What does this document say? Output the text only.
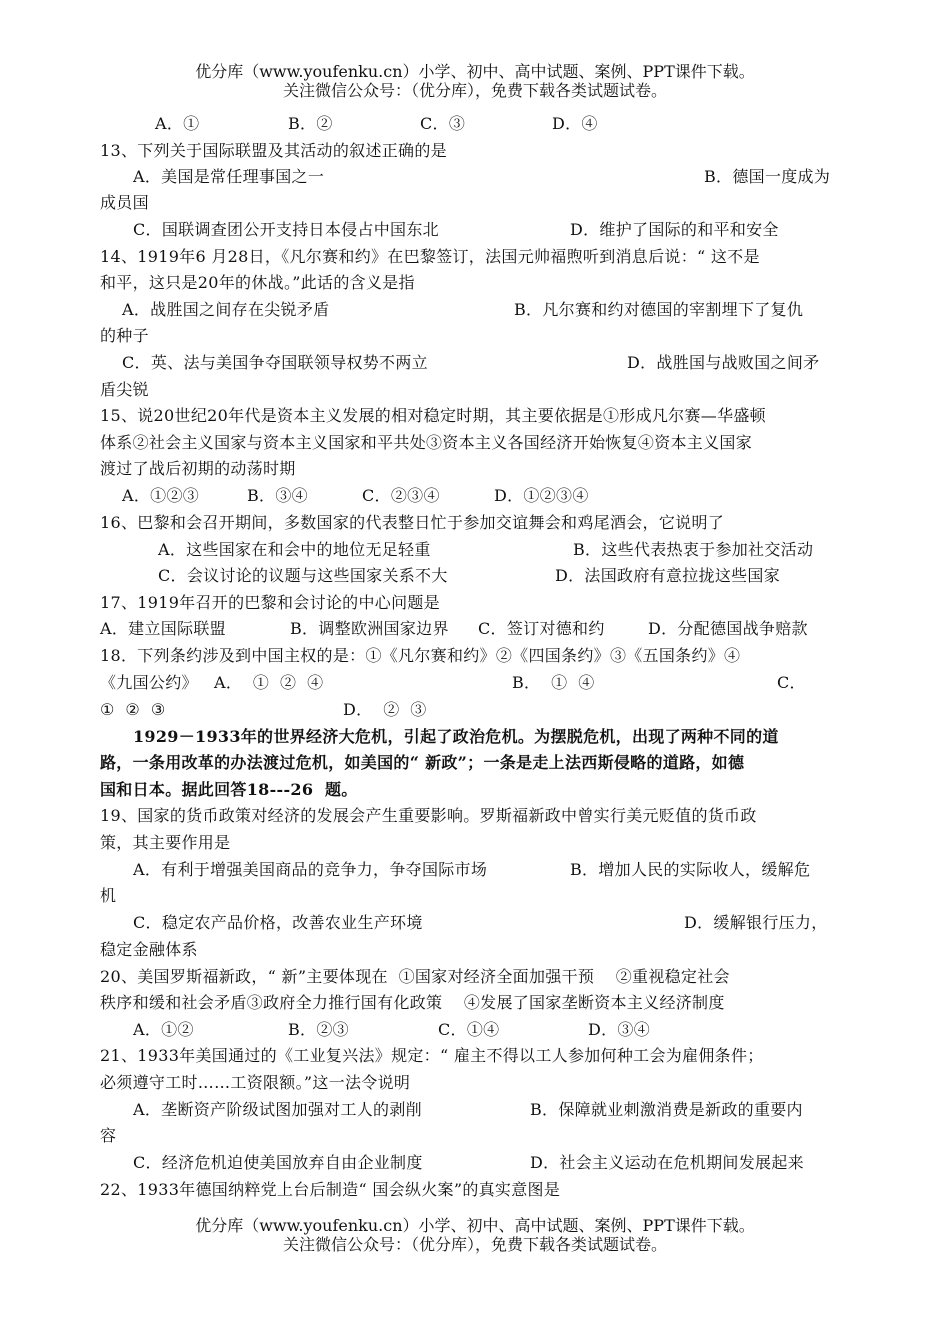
优分库（www.youfenku.cn）小学、初中、高中试题、案例、PPT课件下载。
关注微信公众号：（优分库），免费下载各类试题试卷。
A．①	B．②	C．③	D．④
13、下列关于国际联盟及其活动的叙述正确的是
A．美国是常任理事国之一	B．德国一度成为
成员国
C．国联调查团公开支持日本侵占中国东北	D．维护了国际的和平和安全
14、1919年6 月28日，《凡尔赛和约》在巴黎签订，法国元帅福煦听到消息后说：“ 这不是
和平，这只是20年的休战。”此话的含义是指
A．战胜国之间存在尖锐矛盾	B．凡尔赛和约对德国的宰割埋下了复仇
的种子
C．英、法与美国争夺国联领导权势不两立	D．战胜国与战败国之间矛
盾尖锐
15、说20世纪20年代是资本主义发展的相对稳定时期，其主要依据是①形成凡尔赛—华盛顿
体系②社会主义国家与资本主义国家和平共处③资本主义各国经济开始恢复④资本主义国家
渡过了战后初期的动荡时期
A．①②③	B．③④	C．②③④	D．①②③④
16、巴黎和会召开期间，多数国家的代表整日忙于参加交谊舞会和鸡尾酒会，它说明了
A．这些国家在和会中的地位无足轻重	B．这些代表热衷于参加社交活动
C．会议讨论的议题与这些国家关系不大	D．法国政府有意拉拢这些国家
17、1919年召开的巴黎和会讨论的中心问题是
A．建立国际联盟	B．调整欧洲国家边界 C．签订对德和约	D．分配德国战争赔款
18．下列条约涉及到中国主权的是：①《凡尔赛和约》②《四国条约》③《五国条约》④
《九国公约》 A．  ①  ②  ④	B．  ①  ④	C．
①  ②  ③	D．  ②  ③
1929－1933年的世界经济大危机，引起了政治危机。为摆脱危机，出现了两种不同的道
路，一条用改革的办法渡过危机，如美国的“ 新政”；一条是走上法西斯侵略的道路，如德
国和日本。据此回答18---26  题。
19、国家的货币政策对经济的发展会产生重要影响。罗斯福新政中曾实行美元贬值的货币政
策，其主要作用是
A．有利于增强美国商品的竞争力，争夺国际市场	B．增加人民的实际收人，缓解危
机
C．稳定农产品价格，改善农业生产环境	D．缓解银行压力，
稳定金融体系
20、美国罗斯福新政，“ 新”主要体现在  ①国家对经济全面加强干预    ②重视稳定社会
秩序和缓和社会矛盾③政府全力推行国有化政策    ④发展了国家垄断资本主义经济制度
A．①②	B．②③	C．①④	D．③④
21、1933年美国通过的《工业复兴法》规定：“ 雇主不得以工人参加何种工会为雇佣条件；
必须遵守工时……工资限额。”这一法令说明
A．垄断资产阶级试图加强对工人的剥削	B．保障就业刺激消费是新政的重要内
容
C．经济危机迫使美国放弃自由企业制度	D．社会主义运动在危机期间发展起来
22、1933年德国纳粹党上台后制造“ 国会纵火案”的真实意图是
优分库（www.youfenku.cn）小学、初中、高中试题、案例、PPT课件下载。
关注微信公众号：（优分库），免费下载各类试题试卷。
